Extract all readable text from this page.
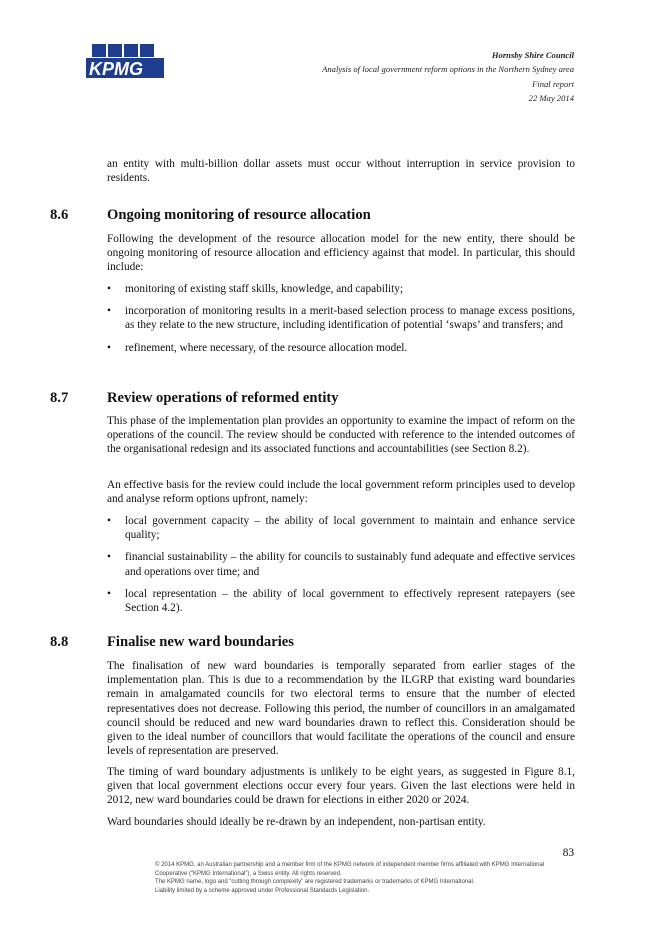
KPMG
Hornsby Shire Council
Analysis of local government reform options in the Northern Sydney area
Final report
22 May 2014

an entity with multi-billion dollar assets must occur without interruption in service provision to residents.

8.6	Ongoing monitoring of resource allocation

Following the development of the resource allocation model for the new entity, there should be ongoing monitoring of resource allocation and efficiency against that model. In particular, this should include:

• monitoring of existing staff skills, knowledge, and capability;
• incorporation of monitoring results in a merit-based selection process to manage excess positions, as they relate to the new structure, including identification of potential ‘swaps’ and transfers; and
• refinement, where necessary, of the resource allocation model.
8.7	Review operations of reformed entity

This phase of the implementation plan provides an opportunity to examine the impact of reform on the operations of the council. The review should be conducted with reference to the intended outcomes of the organisational redesign and its associated functions and accountabilities (see Section 8.2).

An effective basis for the review could include the local government reform principles used to develop and analyse reform options upfront, namely:

• local government capacity – the ability of local government to maintain and enhance service quality;
• financial sustainability – the ability for councils to sustainably fund adequate and effective services and operations over time; and
• local representation – the ability of local government to effectively represent ratepayers (see Section 4.2).
8.8	Finalise new ward boundaries

The finalisation of new ward boundaries is temporally separated from earlier stages of the implementation plan. This is due to a recommendation by the ILGRP that existing ward boundaries remain in amalgamated councils for two electoral terms to ensure that the number of elected representatives does not decrease. Following this period, the number of councillors in an amalgamated council should be reduced and new ward boundaries drawn to reflect this. Consideration should be given to the ideal number of councillors that would facilitate the operations of the council and ensure levels of representation are preserved.

The timing of ward boundary adjustments is unlikely to be eight years, as suggested in Figure 8.1, given that local government elections occur every four years. Given the last elections were held in 2012, new ward boundaries could be drawn for elections in either 2020 or 2024.

Ward boundaries should ideally be re-drawn by an independent, non-partisan entity.

83
© 2014 KPMG, an Australian partnership and a member firm of the KPMG network of independent member firms affiliated with KPMG International Cooperative (“KPMG International”), a Swiss entity. All rights reserved.
The KPMG name, logo and “cutting through complexity” are registered trademarks or trademarks of KPMG International.
Liability limited by a scheme approved under Professional Standards Legislation.
